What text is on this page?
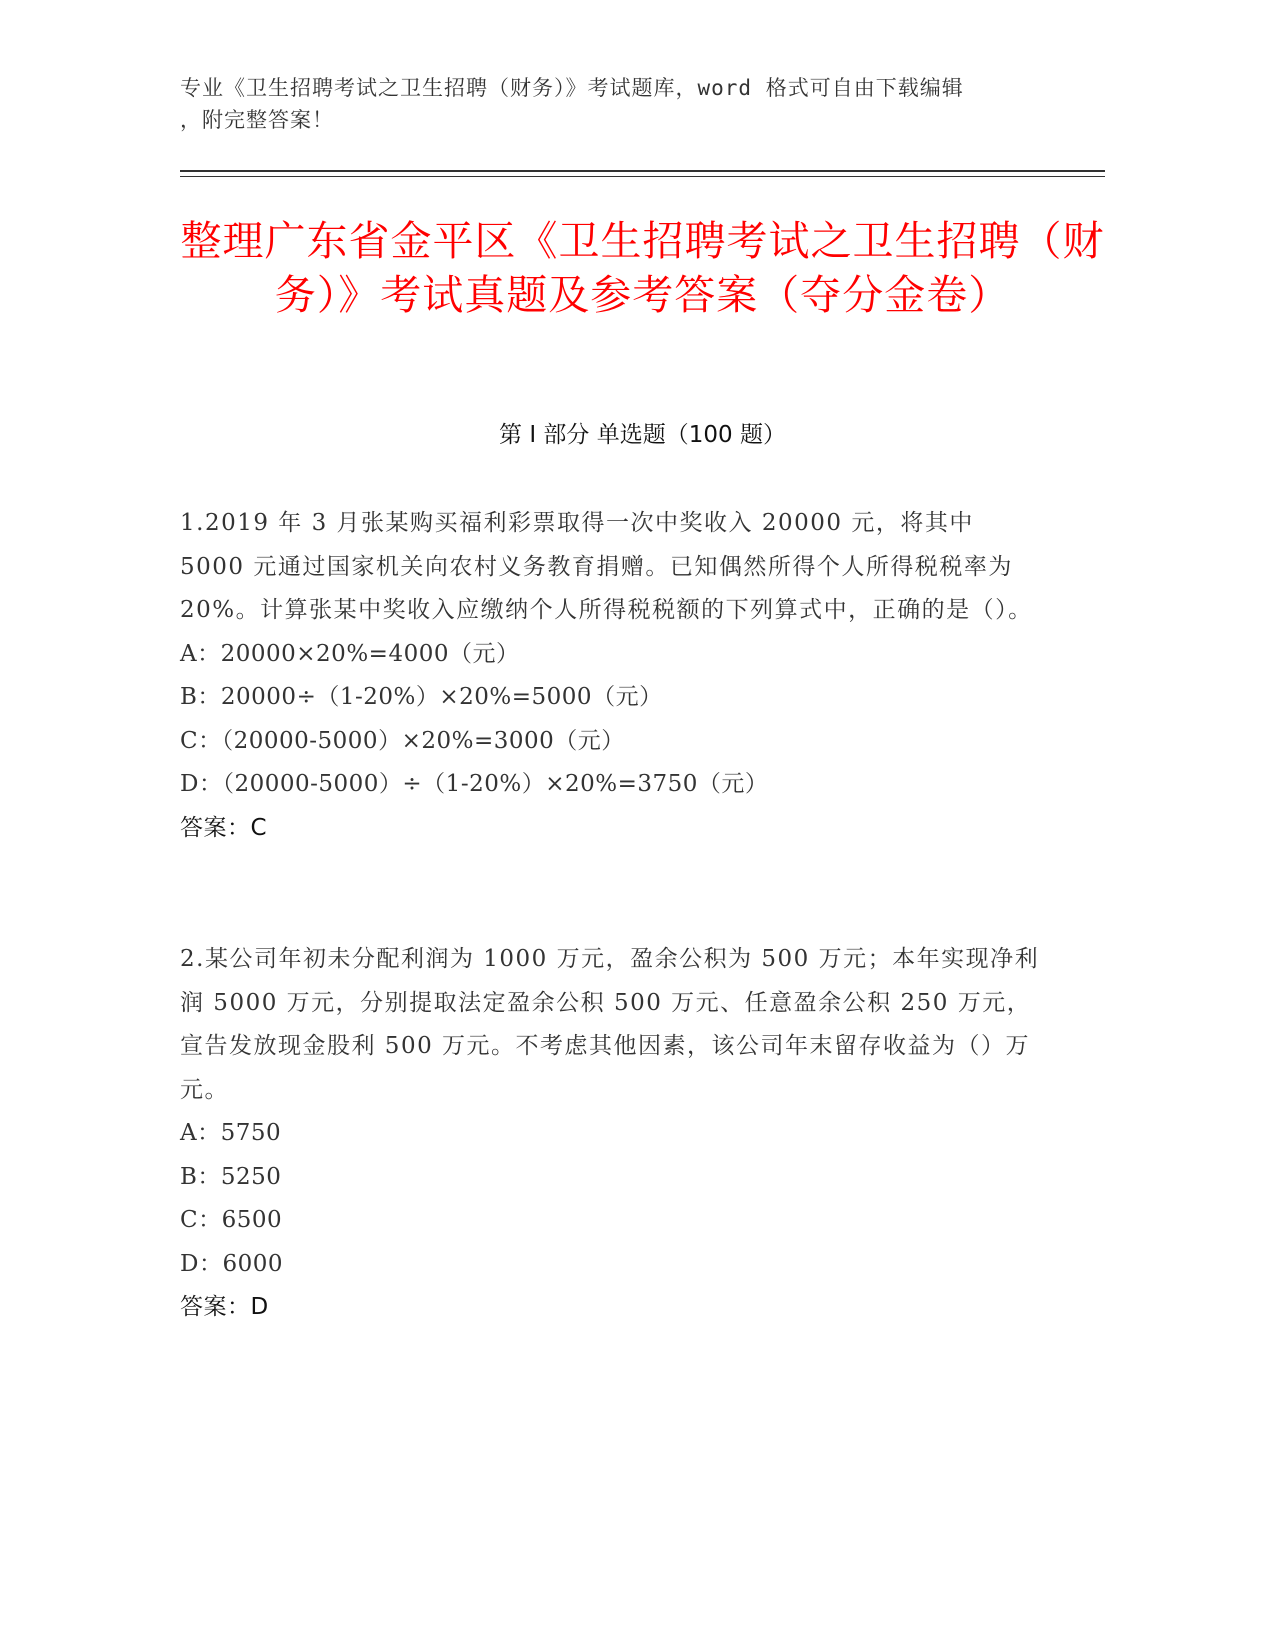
专业《卫生招聘考试之卫生招聘（财务）》考试题库，word 格式可自由下载编辑
，附完整答案！
整理广东省金平区《卫生招聘考试之卫生招聘（财务）》考试真题及参考答案（夺分金卷）
第 I 部分 单选题（100 题）
1.2019 年 3 月张某购买福利彩票取得一次中奖收入 20000 元，将其中 5000 元通过国家机关向农村义务教育捐赠。已知偶然所得个人所得税税率为 20%。计算张某中奖收入应缴纳个人所得税税额的下列算式中，正确的是（）。
A：20000×20%=4000（元）
B：20000÷（1-20%）×20%=5000（元）
C：（20000-5000）×20%=3000（元）
D：（20000-5000）÷（1-20%）×20%=3750（元）
答案：C
2.某公司年初未分配利润为 1000 万元，盈余公积为 500 万元；本年实现净利润 5000 万元，分别提取法定盈余公积 500 万元、任意盈余公积 250 万元，宣告发放现金股利 500 万元。不考虑其他因素，该公司年末留存收益为（）万元。
A：5750
B：5250
C：6500
D：6000
答案：D
